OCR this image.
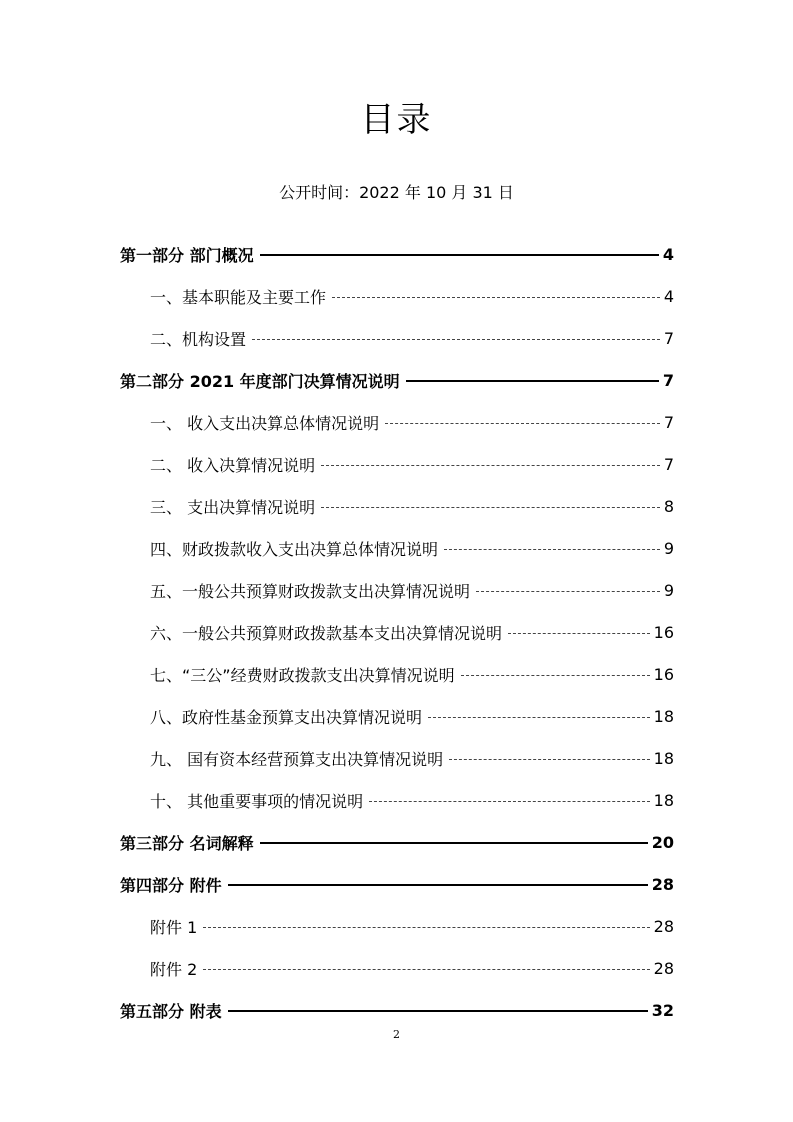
目录
公开时间：2022 年 10 月 31 日
第一部分 部门概况	4
一、基本职能及主要工作	4
二、机构设置	7
第二部分 2021 年度部门决算情况说明	7
一、 收入支出决算总体情况说明	7
二、 收入决算情况说明	7
三、 支出决算情况说明	8
四、财政拨款收入支出决算总体情况说明	9
五、一般公共预算财政拨款支出决算情况说明	9
六、一般公共预算财政拨款基本支出决算情况说明	16
七、“三公”经费财政拨款支出决算情况说明	16
八、政府性基金预算支出决算情况说明	18
九、 国有资本经营预算支出决算情况说明	18
十、 其他重要事项的情况说明	18
第三部分 名词解释	20
第四部分 附件	28
附件 1	28
附件 2	28
第五部分 附表	32
2
